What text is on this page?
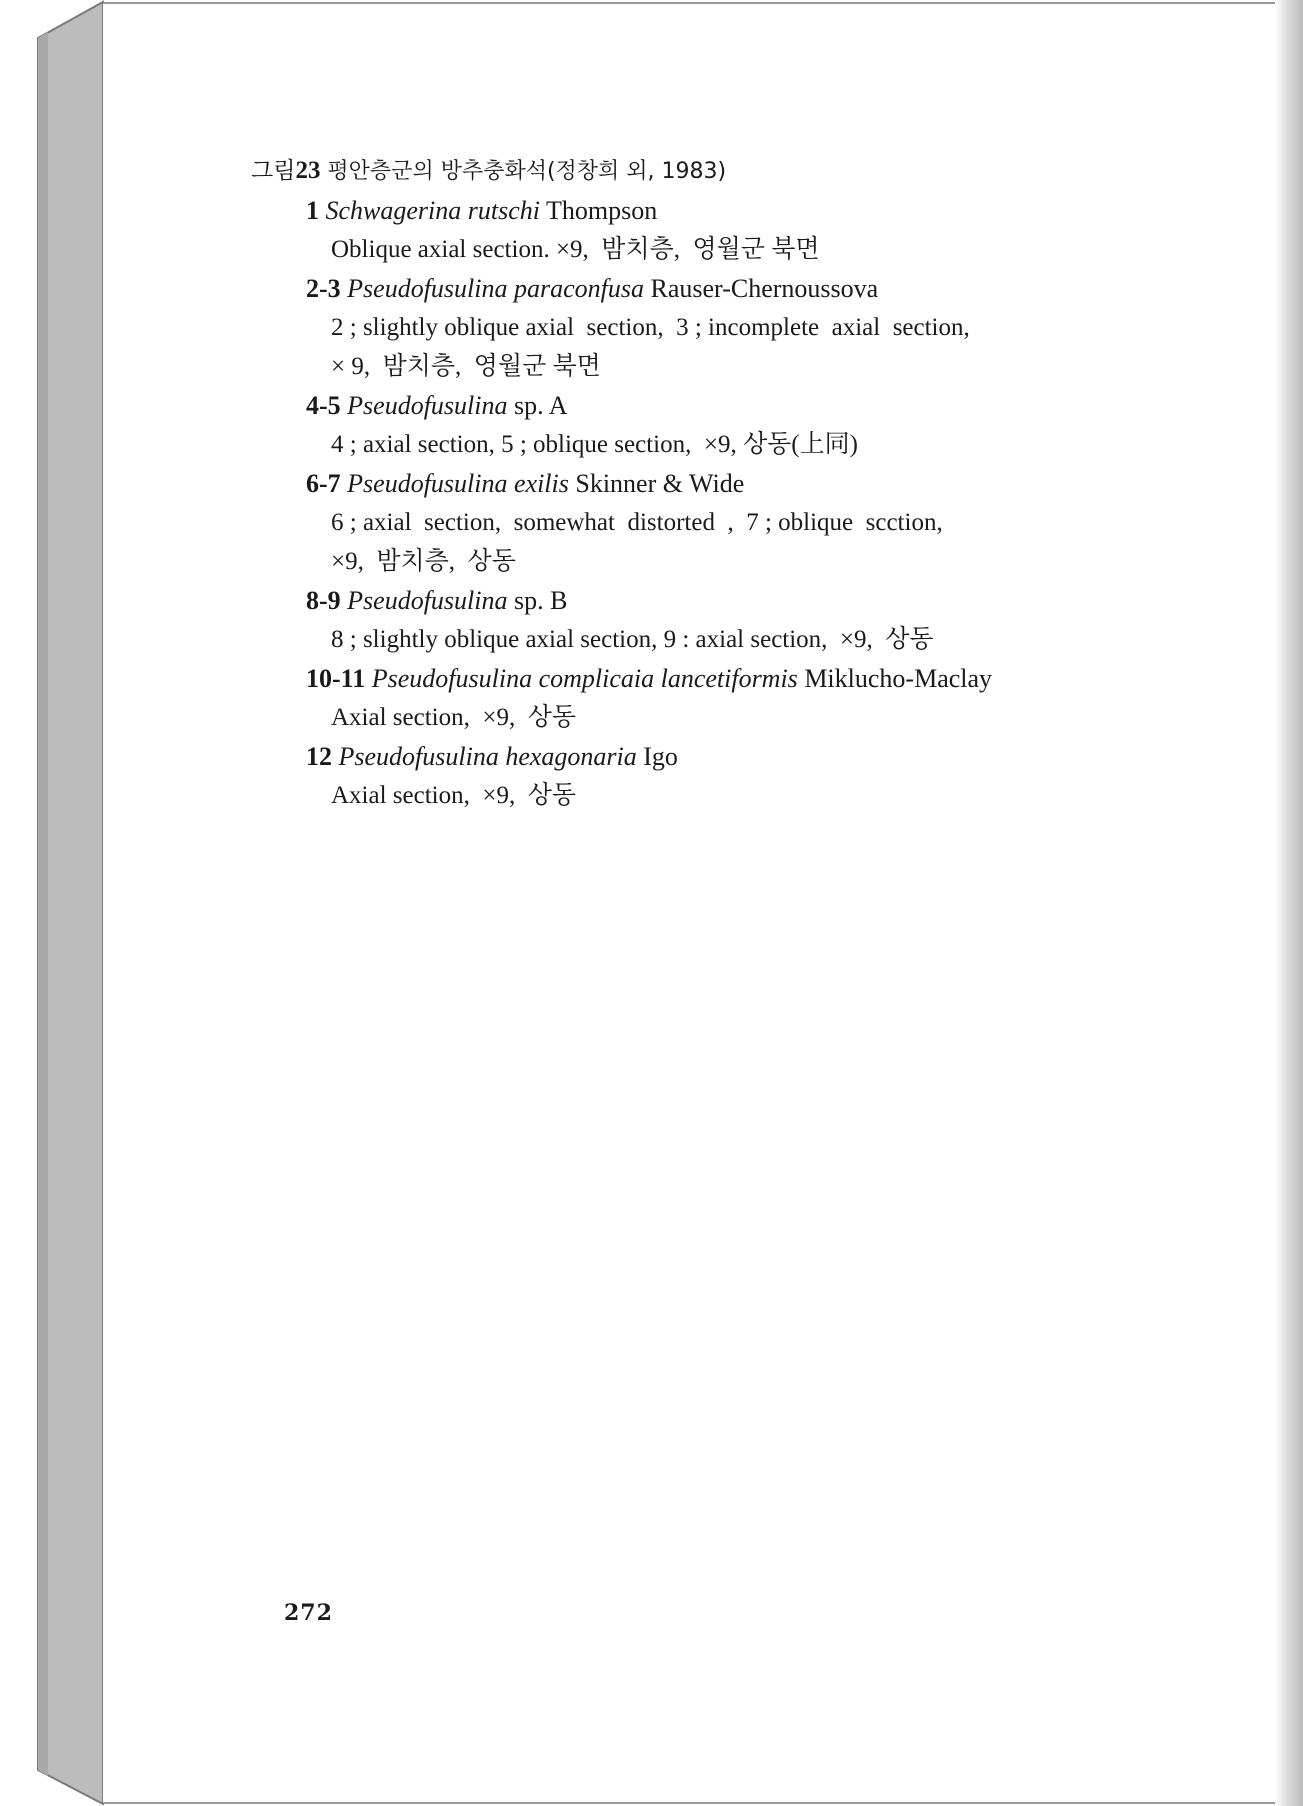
그림23 평안층군의 방추충화석(정창희 외, 1983)
1 Schwagerina rutschi Thompson
Oblique axial section. ×9,  밤치층,  영월군 북면
2-3 Pseudofusulina paraconfusa Rauser-Chernoussova
2 ; slightly oblique axial  section,  3 ; incomplete  axial  section,
× 9,  밤치층,  영월군 북면
4-5 Pseudofusulina sp. A
4 ; axial section, 5 ; oblique section,  ×9, 상동(上同)
6-7 Pseudofusulina exilis Skinner & Wide
6 ; axial  section,  somewhat  distorted  ,  7 ; oblique  scction,
×9,  밤치층,  상동
8-9 Pseudofusulina sp. B
8 ; slightly oblique axial section, 9 : axial section,  ×9,  상동
10-11 Pseudofusulina complicaia lancetiformis Miklucho-Maclay
Axial section,  ×9,  상동
12 Pseudofusulina hexagonaria Igo
Axial section,  ×9,  상동
272
